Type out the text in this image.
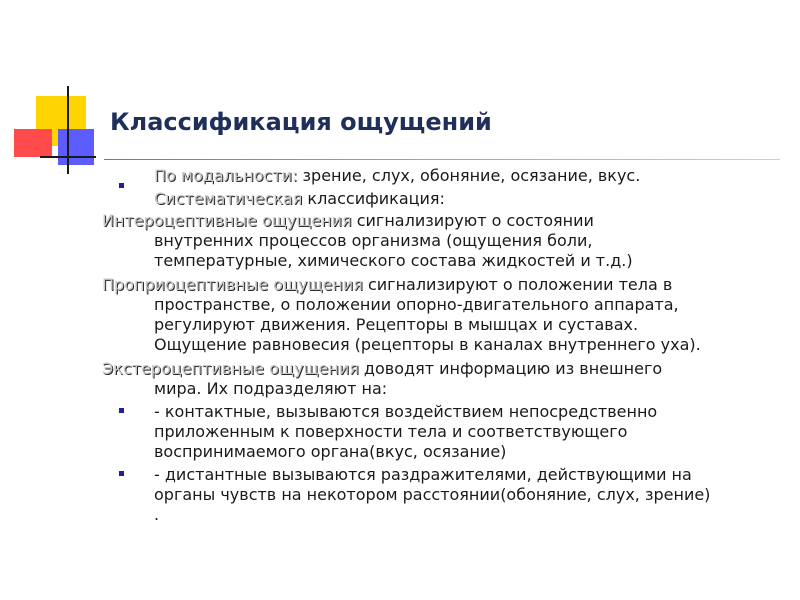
Классификация ощущений
По модальности: зрение, слух, обоняние, осязание, вкус.
Систематическая классификация:
Интероцептивные ощущения сигнализируют о состоянии
внутренних процессов организма (ощущения боли,
температурные, химического состава жидкостей и т.д.)
Проприоцептивные ощущения сигнализируют о положении тела в
пространстве, о положении опорно-двигательного аппарата,
регулируют движения. Рецепторы в мышцах и суставах.
Ощущение равновесия (рецепторы в каналах внутреннего уха).
Экстероцептивные ощущения доводят информацию из внешнего
мира. Их подразделяют на:
- контактные, вызываются воздействием непосредственно
приложенным к поверхности тела и соответствующего
воспринимаемого органа(вкус, осязание)
- дистантные вызываются раздражителями, действующими на
органы чувств на некотором расстоянии(обоняние, слух, зрение)
.
